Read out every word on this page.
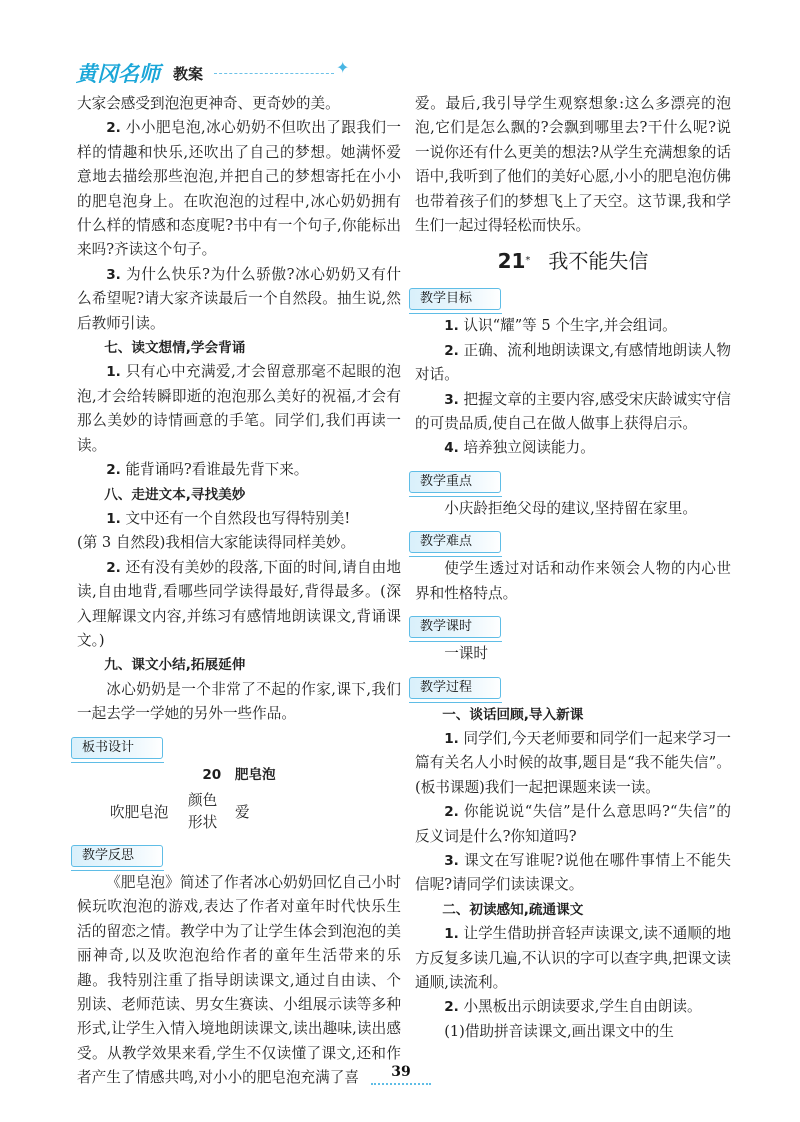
黄冈名师 教案	✦

大家会感受到泡泡更神奇、更奇妙的美。

2. 小小肥皂泡,冰心奶奶不但吹出了跟我们一样的情趣和快乐,还吹出了自己的梦想。她满怀爱意地去描绘那些泡泡,并把自己的梦想寄托在小小的肥皂泡身上。在吹泡泡的过程中,冰心奶奶拥有什么样的情感和态度呢?书中有一个句子,你能标出来吗?齐读这个句子。

3. 为什么快乐?为什么骄傲?冰心奶奶又有什么希望呢?请大家齐读最后一个自然段。抽生说,然后教师引读。

七、读文想情,学会背诵

1. 只有心中充满爱,才会留意那毫不起眼的泡泡,才会给转瞬即逝的泡泡那么美好的祝福,才会有那么美妙的诗情画意的手笔。同学们,我们再读一读。

2. 能背诵吗?看谁最先背下来。

八、走进文本,寻找美妙

1. 文中还有一个自然段也写得特别美!

(第 3 自然段)我相信大家能读得同样美妙。

2. 还有没有美妙的段落,下面的时间,请自由地读,自由地背,看哪些同学读得最好,背得最多。(深入理解课文内容,并练习有感情地朗读课文,背诵课文。)

九、课文小结,拓展延伸

冰心奶奶是一个非常了不起的作家,课下,我们一起去学一学她的另外一些作品。

板书设计
20　肥皂泡
吹肥皂泡
颜色
形状
爱
教学反思

《肥皂泡》简述了作者冰心奶奶回忆自己小时候玩吹泡泡的游戏,表达了作者对童年时代快乐生活的留恋之情。教学中为了让学生体会到泡泡的美丽神奇,以及吹泡泡给作者的童年生活带来的乐趣。我特别注重了指导朗读课文,通过自由读、个别读、老师范读、男女生赛读、小组展示读等多种形式,让学生入情入境地朗读课文,读出趣味,读出感受。从教学效果来看,学生不仅读懂了课文,还和作者产生了情感共鸣,对小小的肥皂泡充满了喜

爱。最后,我引导学生观察想象:这么多漂亮的泡泡,它们是怎么飘的?会飘到哪里去?干什么呢?说一说你还有什么更美的想法?从学生充满想象的话语中,我听到了他们的美好心愿,小小的肥皂泡仿佛也带着孩子们的梦想飞上了天空。这节课,我和学生们一起过得轻松而快乐。

21* 我不能失信
教学目标

1. 认识“耀”等 5 个生字,并会组词。

2. 正确、流利地朗读课文,有感情地朗读人物对话。

3. 把握文章的主要内容,感受宋庆龄诚实守信的可贵品质,使自己在做人做事上获得启示。

4. 培养独立阅读能力。

教学重点

小庆龄拒绝父母的建议,坚持留在家里。

教学难点

使学生透过对话和动作来领会人物的内心世界和性格特点。

教学课时

一课时

教学过程

一、谈话回顾,导入新课

1. 同学们,今天老师要和同学们一起来学习一篇有关名人小时候的故事,题目是“我不能失信”。(板书课题)我们一起把课题来读一读。

2. 你能说说“失信”是什么意思吗?“失信”的反义词是什么?你知道吗?

3. 课文在写谁呢?说他在哪件事情上不能失信呢?请同学们读读课文。

二、初读感知,疏通课文

1. 让学生借助拼音轻声读课文,读不通顺的地方反复多读几遍,不认识的字可以查字典,把课文读通顺,读流利。

2. 小黑板出示朗读要求,学生自由朗读。

(1)借助拼音读课文,画出课文中的生

39
